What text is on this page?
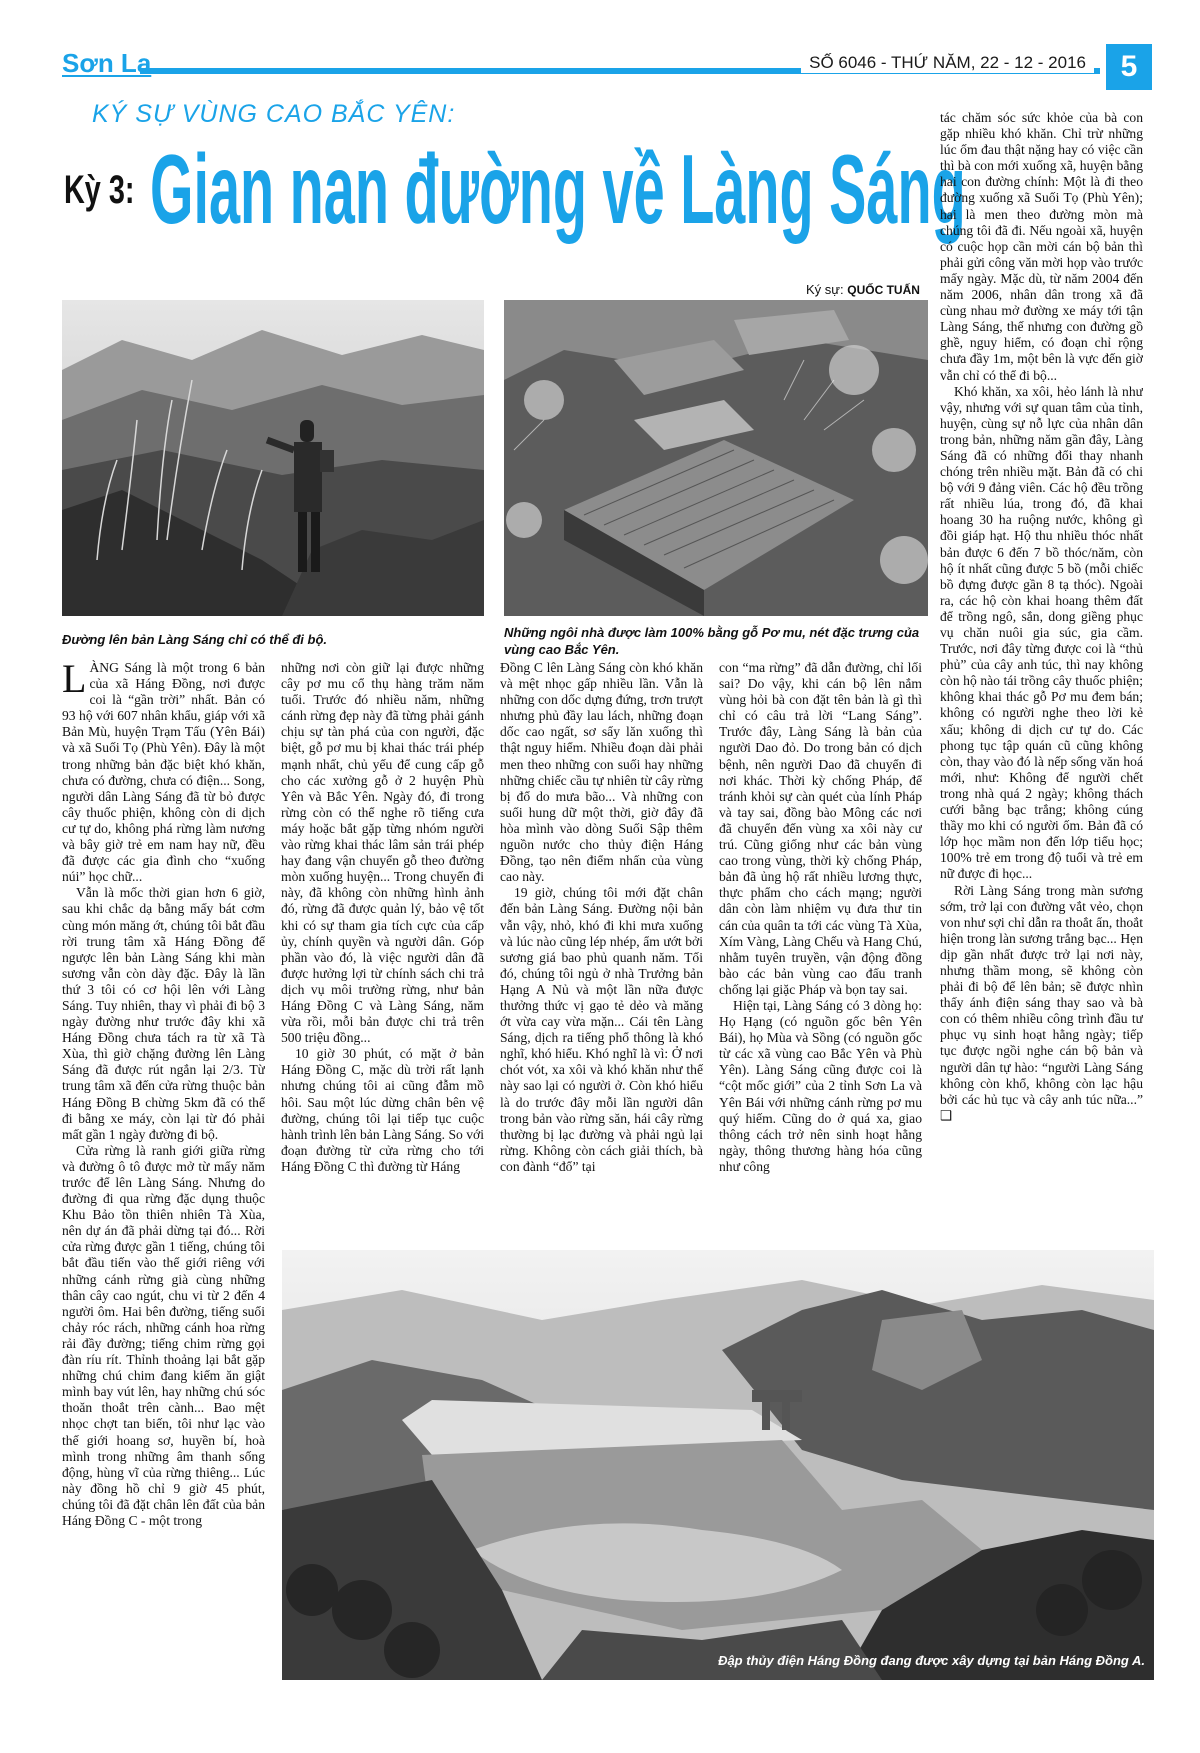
Sơn La	SỐ 6046 - THỨ NĂM, 22 - 12 - 2016	5
KÝ SỰ VÙNG CAO BẮC YÊN:
Kỳ 3: Gian nan đường về Làng Sáng
Ký sự: QUỐC TUẤN
Đường lên bản Làng Sáng chỉ có thể đi bộ.	Những ngôi nhà được làm 100% bằng gỗ Pơ mu, nét đặc trưng của vùng cao Bắc Yên.

LÀNG Sáng là một trong 6 bản của xã Háng Đồng, nơi được coi là “gần trời” nhất. Bản có 93 hộ với 607 nhân khẩu, giáp với xã Bản Mù, huyện Trạm Tấu (Yên Bái) và xã Suối Tọ (Phù Yên). Đây là một trong những bản đặc biệt khó khăn, chưa có đường, chưa có điện... Song, người dân Làng Sáng đã từ bỏ được cây thuốc phiện, không còn di dịch cư tự do, không phá rừng làm nương và bây giờ trẻ em nam hay nữ, đều đã được các gia đình cho “xuống núi” học chữ...

Vẫn là mốc thời gian hơn 6 giờ, sau khi chắc dạ bằng mấy bát cơm cùng món măng ớt, chúng tôi bắt đầu rời trung tâm xã Háng Đồng để ngược lên bản Làng Sáng khi màn sương vẫn còn dày đặc. Đây là lần thứ 3 tôi có cơ hội lên với Làng Sáng. Tuy nhiên, thay vì phải đi bộ 3 ngày đường như trước đây khi xã Háng Đồng chưa tách ra từ xã Tà Xùa, thì giờ chặng đường lên Làng Sáng đã được rút ngắn lại 2/3. Từ trung tâm xã đến cửa rừng thuộc bản Háng Đồng B chừng 5km đã có thể đi bằng xe máy, còn lại từ đó phải mất gần 1 ngày đường đi bộ.

Cửa rừng là ranh giới giữa rừng và đường ô tô được mở từ mấy năm trước để lên Làng Sáng. Nhưng do đường đi qua rừng đặc dụng thuộc Khu Bảo tồn thiên nhiên Tà Xùa, nên dự án đã phải dừng tại đó... Rời cửa rừng được gần 1 tiếng, chúng tôi bắt đầu tiến vào thế giới riêng với những cánh rừng già cùng những thân cây cao ngút, chu vi từ 2 đến 4 người ôm. Hai bên đường, tiếng suối chảy róc rách, những cánh hoa rừng rải đầy đường; tiếng chim rừng gọi đàn ríu rít. Thỉnh thoảng lại bắt gặp những chú chim đang kiếm ăn giật mình bay vút lên, hay những chú sóc thoăn thoắt trên cành... Bao mệt nhọc chợt tan biến, tôi như lạc vào thế giới hoang sơ, huyền bí, hoà mình trong những âm thanh sống động, hùng vĩ của rừng thiêng... Lúc này đồng hồ chỉ 9 giờ 45 phút, chúng tôi đã đặt chân lên đất của bản Háng Đồng C - một trong

những nơi còn giữ lại được những cây pơ mu cổ thụ hàng trăm năm tuổi. Trước đó nhiều năm, những cánh rừng đẹp này đã từng phải gánh chịu sự tàn phá của con người, đặc biệt, gỗ pơ mu bị khai thác trái phép mạnh nhất, chủ yếu để cung cấp gỗ cho các xưởng gỗ ở 2 huyện Phù Yên và Bắc Yên. Ngày đó, đi trong rừng còn có thể nghe rõ tiếng cưa máy hoặc bắt gặp từng nhóm người vào rừng khai thác lâm sản trái phép hay đang vận chuyển gỗ theo đường mòn xuống huyện... Trong chuyến đi này, đã không còn những hình ảnh đó, rừng đã được quản lý, bảo vệ tốt khi có sự tham gia tích cực của cấp ủy, chính quyền và người dân. Góp phần vào đó, là việc người dân đã được hưởng lợi từ chính sách chi trả dịch vụ môi trường rừng, như bản Háng Đồng C và Làng Sáng, năm vừa rồi, mỗi bản được chi trả trên 500 triệu đồng...

10 giờ 30 phút, có mặt ở bản Háng Đồng C, mặc dù trời rất lạnh nhưng chúng tôi ai cũng đẫm mồ hôi. Sau một lúc dừng chân bên vệ đường, chúng tôi lại tiếp tục cuộc hành trình lên bản Làng Sáng. So với đoạn đường từ cửa rừng cho tới Háng Đồng C thì đường từ Háng

Đồng C lên Làng Sáng còn khó khăn và mệt nhọc gấp nhiều lần. Vẫn là những con dốc dựng đứng, trơn trượt nhưng phủ đầy lau lách, những đoạn dốc cao ngất, sơ sẩy lăn xuống thì thật nguy hiểm. Nhiều đoạn dài phải men theo những con suối hay những những chiếc cầu tự nhiên từ cây rừng bị đổ do mưa bão... Và những con suối hung dữ một thời, giờ đây đã hòa mình vào dòng Suối Sập thêm nguồn nước cho thủy điện Háng Đồng, tạo nên điểm nhấn của vùng cao này.

19 giờ, chúng tôi mới đặt chân đến bản Làng Sáng. Đường nội bản vẫn vậy, nhỏ, khó đi khi mưa xuống và lúc nào cũng lép nhép, ẩm ướt bởi sương giá bao phủ quanh năm. Tối đó, chúng tôi ngủ ở nhà Trưởng bản Hạng A Nủ và một lần nữa được thưởng thức vị gạo tẻ dẻo và măng ớt vừa cay vừa mặn... Cái tên Làng Sáng, dịch ra tiếng phổ thông là khó nghĩ, khó hiểu. Khó nghĩ là vì: Ở nơi chót vót, xa xôi và khó khăn như thế này sao lại có người ở. Còn khó hiểu là do trước đây mỗi lần người dân trong bản vào rừng săn, hái cây rừng thường bị lạc đường và phải ngủ lại rừng. Không còn cách giải thích, bà con đành “đổ” tại

con “ma rừng” đã dẫn đường, chỉ lối sai? Do vậy, khi cán bộ lên nắm vùng hỏi bà con đặt tên bản là gì thì chỉ có câu trả lời “Lang Sáng”. Trước đây, Làng Sáng là bản của người Dao đỏ. Do trong bản có dịch bệnh, nên người Dao đã chuyển đi nơi khác. Thời kỳ chống Pháp, để tránh khỏi sự càn quét của lính Pháp và tay sai, đồng bào Mông các nơi đã chuyển đến vùng xa xôi này cư trú. Cũng giống như các bản vùng cao trong vùng, thời kỳ chống Pháp, bản đã ủng hộ rất nhiều lương thực, thực phẩm cho cách mạng; người dân còn làm nhiệm vụ đưa thư tin cán của quân ta tới các vùng Tà Xùa, Xím Vàng, Làng Chếu và Hang Chú, nhằm tuyên truyền, vận động đồng bào các bản vùng cao đấu tranh chống lại giặc Pháp và bọn tay sai.

Hiện tại, Làng Sáng có 3 dòng họ: Họ Hạng (có nguồn gốc bên Yên Bái), họ Mùa và Sồng (có nguồn gốc từ các xã vùng cao Bắc Yên và Phù Yên). Làng Sáng cũng được coi là “cột mốc giới” của 2 tỉnh Sơn La và Yên Bái với những cánh rừng pơ mu quý hiếm. Cũng do ở quá xa, giao thông cách trở nên sinh hoạt hằng ngày, thông thương hàng hóa cũng như công

tác chăm sóc sức khỏe của bà con gặp nhiều khó khăn. Chỉ trừ những lúc ốm đau thật nặng hay có việc cần thì bà con mới xuống xã, huyện bằng hai con đường chính: Một là đi theo đường xuống xã Suối Tọ (Phù Yên); hai là men theo đường mòn mà chúng tôi đã đi. Nếu ngoài xã, huyện có cuộc họp cần mời cán bộ bản thì phải gửi công văn mời họp vào trước mấy ngày. Mặc dù, từ năm 2004 đến năm 2006, nhân dân trong xã đã cùng nhau mở đường xe máy tới tận Làng Sáng, thế nhưng con đường gồ ghề, nguy hiểm, có đoạn chỉ rộng chưa đầy 1m, một bên là vực đến giờ vẫn chỉ có thể đi bộ...

Khó khăn, xa xôi, hẻo lánh là như vậy, nhưng với sự quan tâm của tỉnh, huyện, cùng sự nỗ lực của nhân dân trong bản, những năm gần đây, Làng Sáng đã có những đổi thay nhanh chóng trên nhiều mặt. Bản đã có chi bộ với 9 đảng viên. Các hộ đều trồng rất nhiều lúa, trong đó, đã khai hoang 30 ha ruộng nước, không gì đồi giáp hạt. Hộ thu nhiều thóc nhất bản được 6 đến 7 bồ thóc/năm, còn hộ ít nhất cũng được 5 bồ (mỗi chiếc bồ đựng được gần 8 tạ thóc). Ngoài ra, các hộ còn khai hoang thêm đất để trồng ngô, sắn, dong giềng phục vụ chăn nuôi gia súc, gia cầm. Trước, nơi đây từng được coi là “thủ phủ” của cây anh túc, thì nay không còn hộ nào tái trồng cây thuốc phiện; không khai thác gỗ Pơ mu đem bán; không có người nghe theo lời kẻ xấu; không di dịch cư tự do. Các phong tục tập quán cũ cũng không còn, thay vào đó là nếp sống văn hoá mới, như: Không để người chết trong nhà quá 2 ngày; không thách cưới bằng bạc trắng; không cúng thầy mo khi có người ốm. Bản đã có lớp học mầm non đến lớp tiểu học; 100% trẻ em trong độ tuổi và trẻ em nữ được đi học...

Rời Làng Sáng trong màn sương sớm, trở lại con đường vắt vẻo, chọn von như sợi chỉ dẫn ra thoắt ẩn, thoắt hiện trong làn sương trắng bạc... Hẹn dịp gần nhất được trở lại nơi này, nhưng thầm mong, sẽ không còn phải đi bộ để lên bản; sẽ được nhìn thấy ánh điện sáng thay sao và bà con có thêm nhiều công trình đầu tư phục vụ sinh hoạt hằng ngày; tiếp tục được ngồi nghe cán bộ bản và người dân tự hào: “người Làng Sáng không còn khổ, không còn lạc hậu bởi các hủ tục và cây anh túc nữa...” ❑

Đập thủy điện Háng Đồng đang được xây dựng tại bản Háng Đồng A.
